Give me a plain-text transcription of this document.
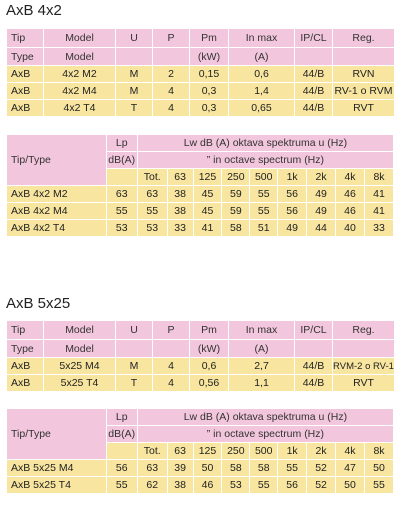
AxB 4x2
Tip	Model	U	P	Pm	In max	IP/CL	Reg.
Type	Model			(kW)	(A)		
AxB	4x2 M2	M	2	0,15	0,6	44/B	RVN
AxB	4x2 M4	M	4	0,3	1,4	44/B	RV-1 o RVM
AxB	4x2 T4	T	4	0,3	0,65	44/B	RVT
Tip/Type	Lp	Lw dB (A) oktava spektruma u (Hz)								
	dB(A)	” in octave spectrum (Hz)								
		Tot.	63	125	250	500	1k	2k	4k	8k
AxB 4x2 M2	63	63	38	45	59	55	56	49	46	41
AxB 4x2 M4	55	55	38	45	59	55	56	49	46	41
AxB 4x2 T4	53	53	33	41	58	51	49	44	40	33
AxB 5x25
Tip	Model	U	P	Pm	In max	IP/CL	Reg.
Type	Model			(kW)	(A)		
AxB	5x25 M4	M	4	0,6	2,7	44/B	RVM-2 o RV-1
AxB	5x25 T4	T	4	0,56	1,1	44/B	RVT
Tip/Type	Lp	Lw dB (A) oktava spektruma u (Hz)								
	dB(A)	” in octave spectrum (Hz)								
		Tot.	63	125	250	500	1k	2k	4k	8k
AxB 5x25 M4	56	63	39	50	58	58	55	52	47	50
AxB 5x25 T4	55	62	38	46	53	55	56	52	50	55
